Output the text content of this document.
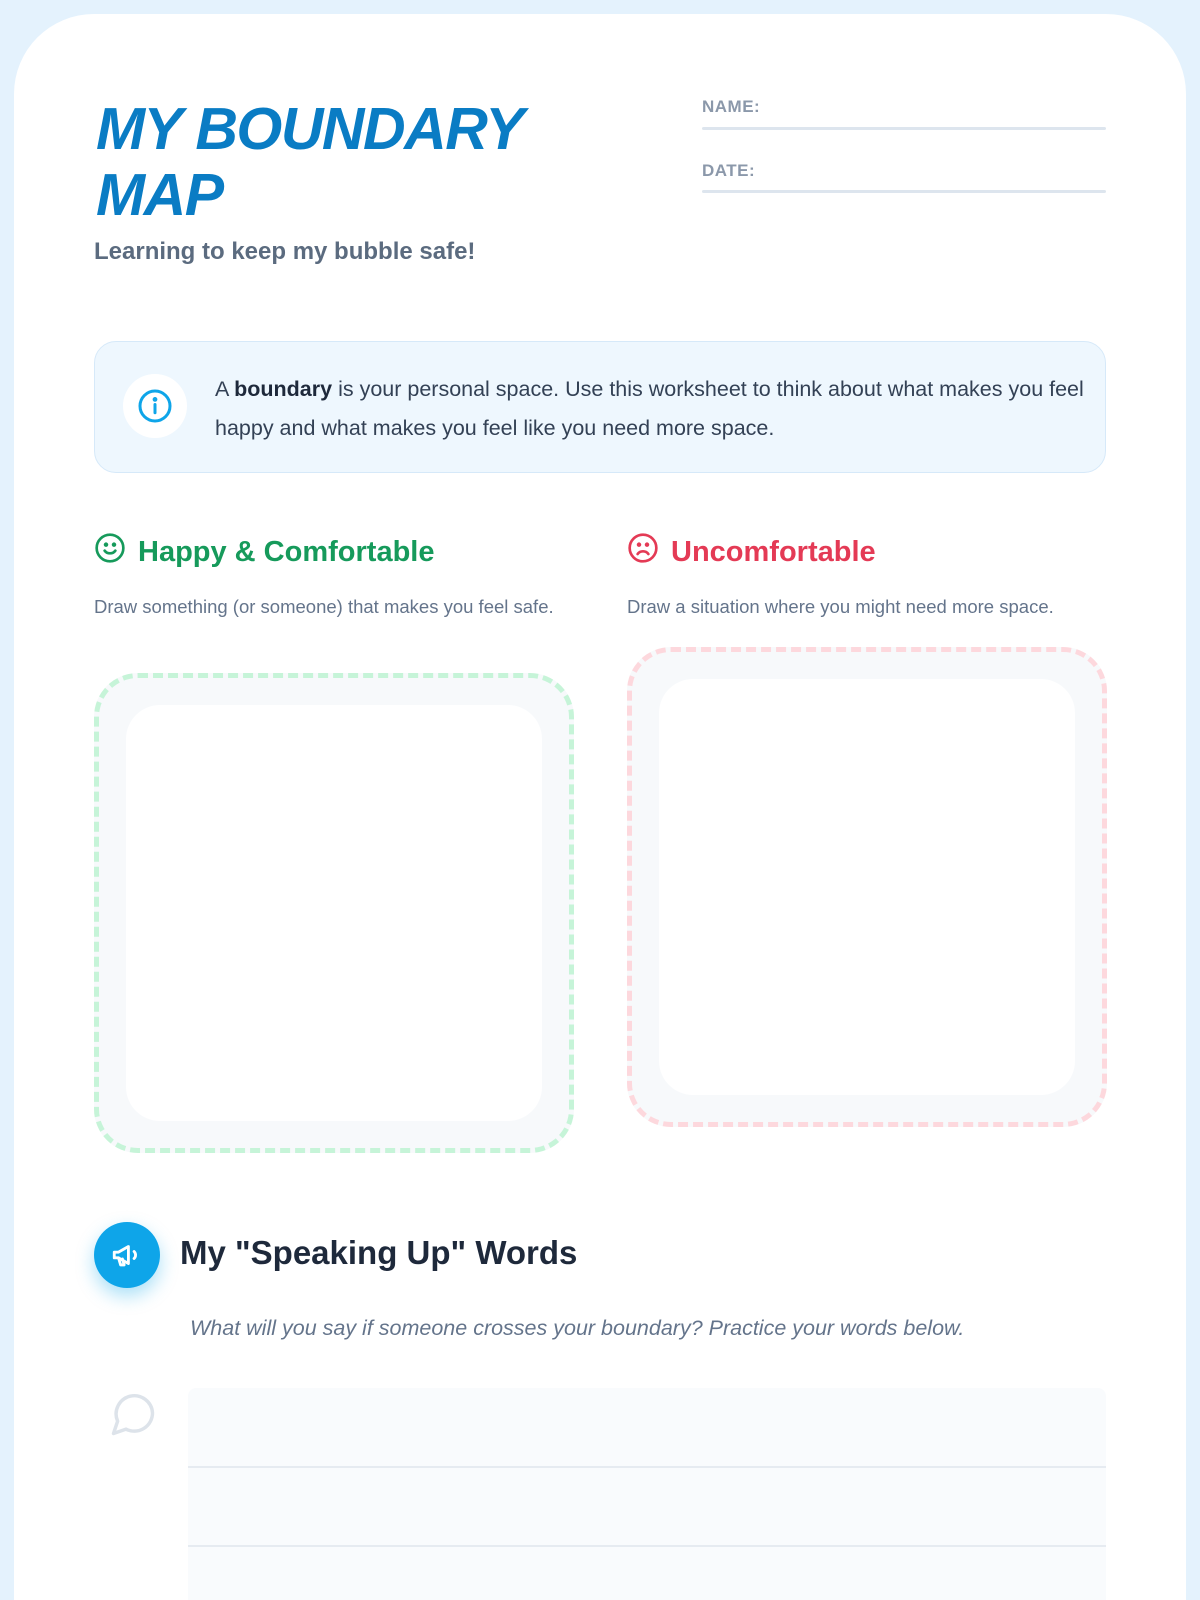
MY BOUNDARY MAP
Learning to keep my bubble safe!
NAME:
DATE:

A boundary is your personal space. Use this worksheet to think about what makes you feel happy and what makes you feel like you need more space.

Happy & Comfortable
Draw something (or someone) that makes you feel safe.
Uncomfortable
Draw a situation where you might need more space.
My "Speaking Up" Words

What will you say if someone crosses your boundary? Practice your words below.
